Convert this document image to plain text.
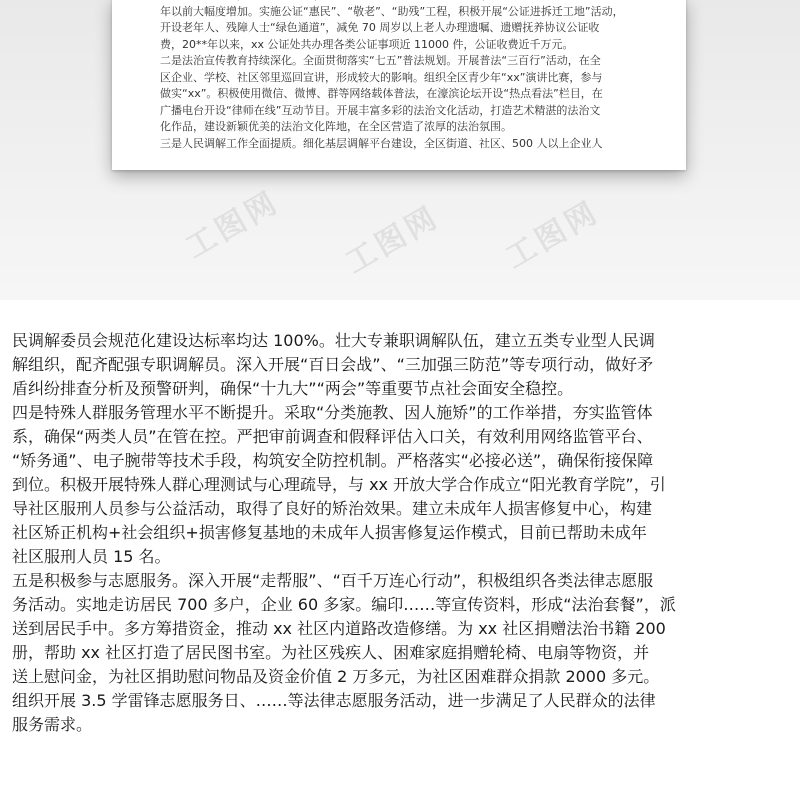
年以前大幅度增加。实施公证“惠民”、“敬老”、“助残”工程，积极开展“公证进拆迁工地”活动，

开设老年人、残障人士“绿色通道”，减免 70 周岁以上老人办理遗嘱、遗赠抚养协议公证收

费，20**年以来，xx 公证处共办理各类公证事项近 11000 件，公证收费近千万元。

二是法治宣传教育持续深化。全面贯彻落实“七五”普法规划。开展普法“三百行”活动，在全

区企业、学校、社区邻里巡回宣讲，形成较大的影响。组织全区青少年“xx”演讲比赛，参与

做实“xx”。积极使用微信、微博、群等网络载体普法，在濠滨论坛开设“热点看法”栏目，在

广播电台开设“律师在线”互动节目。开展丰富多彩的法治文化活动，打造艺术精湛的法治文

化作品，建设新颖优美的法治文化阵地，在全区营造了浓厚的法治氛围。

三是人民调解工作全面提质。细化基层调解平台建设，全区街道、社区、500 人以上企业人

工图网 工图网 工图网

民调解委员会规范化建设达标率均达 100%。壮大专兼职调解队伍，建立五类专业型人民调

解组织，配齐配强专职调解员。深入开展“百日会战”、“三加强三防范”等专项行动，做好矛

盾纠纷排查分析及预警研判，确保“十九大”“两会”等重要节点社会面安全稳控。

四是特殊人群服务管理水平不断提升。采取“分类施教、因人施矫”的工作举措，夯实监管体

系，确保“两类人员”在管在控。严把审前调查和假释评估入口关，有效利用网络监管平台、

“矫务通”、电子腕带等技术手段，构筑安全防控机制。严格落实“必接必送”，确保衔接保障

到位。积极开展特殊人群心理测试与心理疏导，与 xx 开放大学合作成立“阳光教育学院”，引

导社区服刑人员参与公益活动，取得了良好的矫治效果。建立未成年人损害修复中心，构建

社区矫正机构+社会组织+损害修复基地的未成年人损害修复运作模式，目前已帮助未成年

社区服刑人员 15 名。

五是积极参与志愿服务。深入开展“走帮服”、“百千万连心行动”，积极组织各类法律志愿服

务活动。实地走访居民 700 多户，企业 60 多家。编印……等宣传资料，形成“法治套餐”，派

送到居民手中。多方筹措资金，推动 xx 社区内道路改造修缮。为 xx 社区捐赠法治书籍 200

册，帮助 xx 社区打造了居民图书室。为社区残疾人、困难家庭捐赠轮椅、电扇等物资，并

送上慰问金，为社区捐助慰问物品及资金价值 2 万多元，为社区困难群众捐款 2000 多元。

组织开展 3.5 学雷锋志愿服务日、……等法律志愿服务活动，进一步满足了人民群众的法律

服务需求。
